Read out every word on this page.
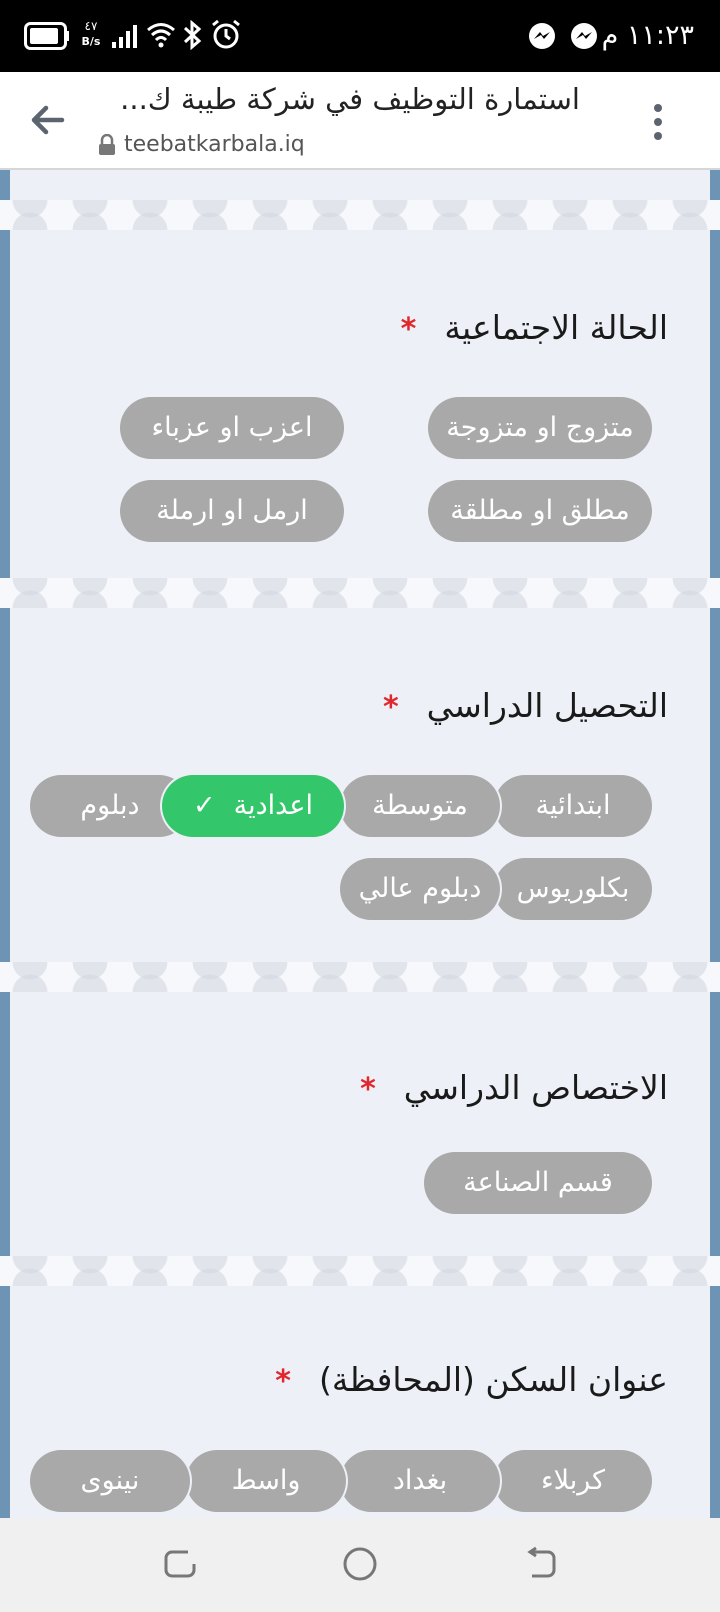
٤٧
B/s	١١:٢٣ م
استمارة التوظيف في شركة طيبة ك...
teebatkarbala.iq
الحالة الاجتماعية*
متزوج او متزوجة
اعزب او عزباء
مطلق او مطلقة
ارمل او ارملة
التحصيل الدراسي*
دبلوم	ابتدائية
متوسطة
اعدادية✓
بكلوريوس
دبلوم عالي
الاختصاص الدراسي*
قسم الصناعة
عنوان السكن (المحافظة)*
كربلاء
بغداد
واسط
نينوى
